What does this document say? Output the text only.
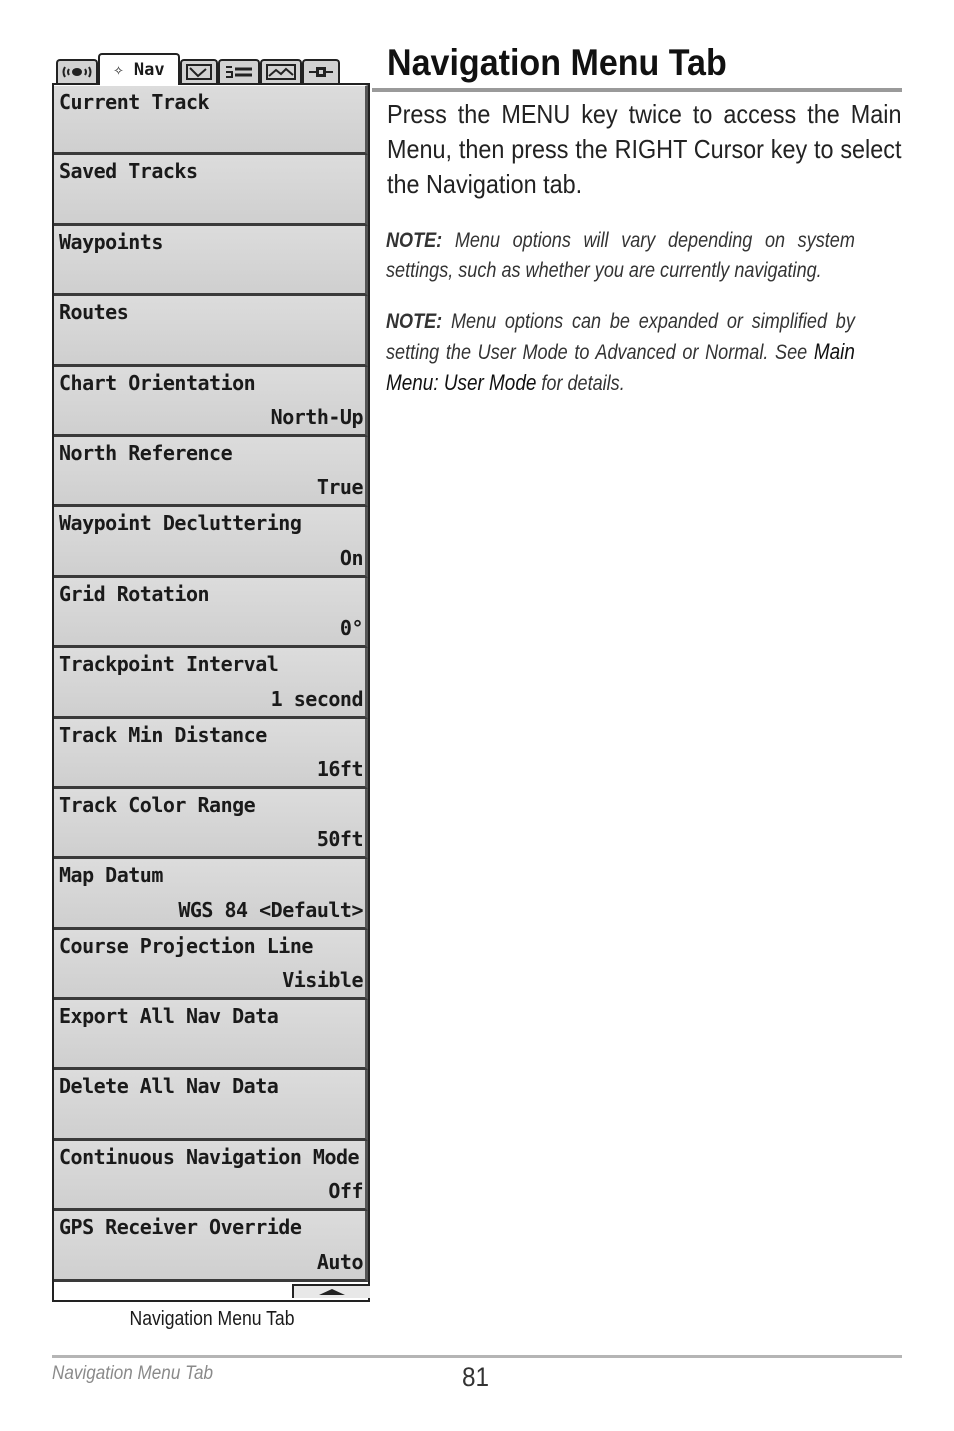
✧ Nav
Current Track
Saved Tracks
Waypoints
Routes
Chart Orientation
North-Up
North Reference
True
Waypoint Decluttering
On
Grid Rotation
0°
Trackpoint Interval
1 second
Track Min Distance
16ft
Track Color Range
50ft
Map Datum
WGS 84 <Default>
Course Projection Line
Visible
Export All Nav Data
Delete All Nav Data
Continuous Navigation Mode
Off
GPS Receiver Override
Auto
Navigation Menu Tab
Navigation Menu Tab
Press the MENU key twice to access the Main Menu, then press the RIGHT Cursor key to select the Navigation tab.
NOTE: Menu options will vary depending on system settings, such as whether you are currently navigating.
NOTE: Menu options can be expanded or simplified by setting the User Mode to Advanced or Normal. See Main Menu: User Mode for details.
Navigation Menu Tab	81
